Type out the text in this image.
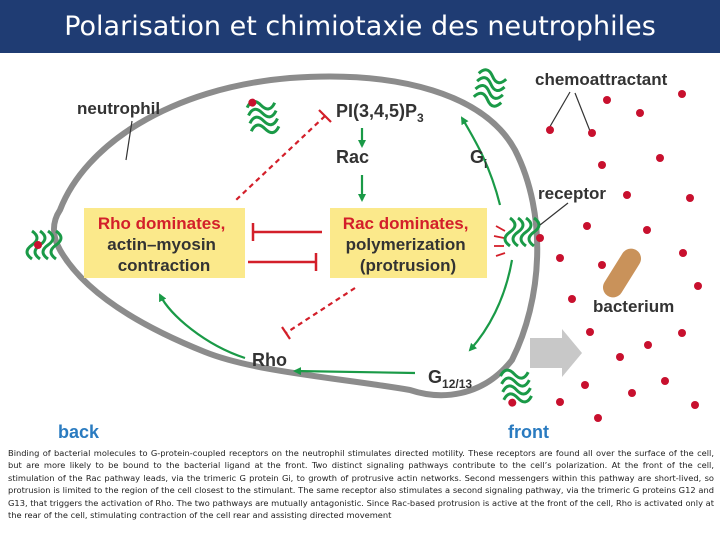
Polarisation et chimiotaxie des neutrophiles
neutrophil
chemoattractant
$PI(3,4,5)P_3$
Rac	$G_i$
receptor
Rho dominates, actin–myosin contraction
Rac dominates, polymerization (protrusion)
bacterium
Rho
$G_{12/13}$
back	front
Binding of bacterial molecules to G-protein-coupled receptors on the neutrophil stimulates directed motility. These receptors are found all over the surface of the cell, but are more likely to be bound to the bacterial ligand at the front. Two distinct signaling pathways contribute to the cell’s polarization. At the front of the cell, stimulation of the Rac pathway leads, via the trimeric G protein Gi, to growth of protrusive actin networks. Second messengers within this pathway are short-lived, so protrusion is limited to the region of the cell closest to the stimulant. The same receptor also stimulates a second signaling pathway, via the trimeric G proteins G12 and G13, that triggers the activation of Rho. The two pathways are mutually antagonistic. Since Rac-based protrusion is active at the front of the cell, Rho is activated only at the rear of the cell, stimulating contraction of the cell rear and assisting directed movement
